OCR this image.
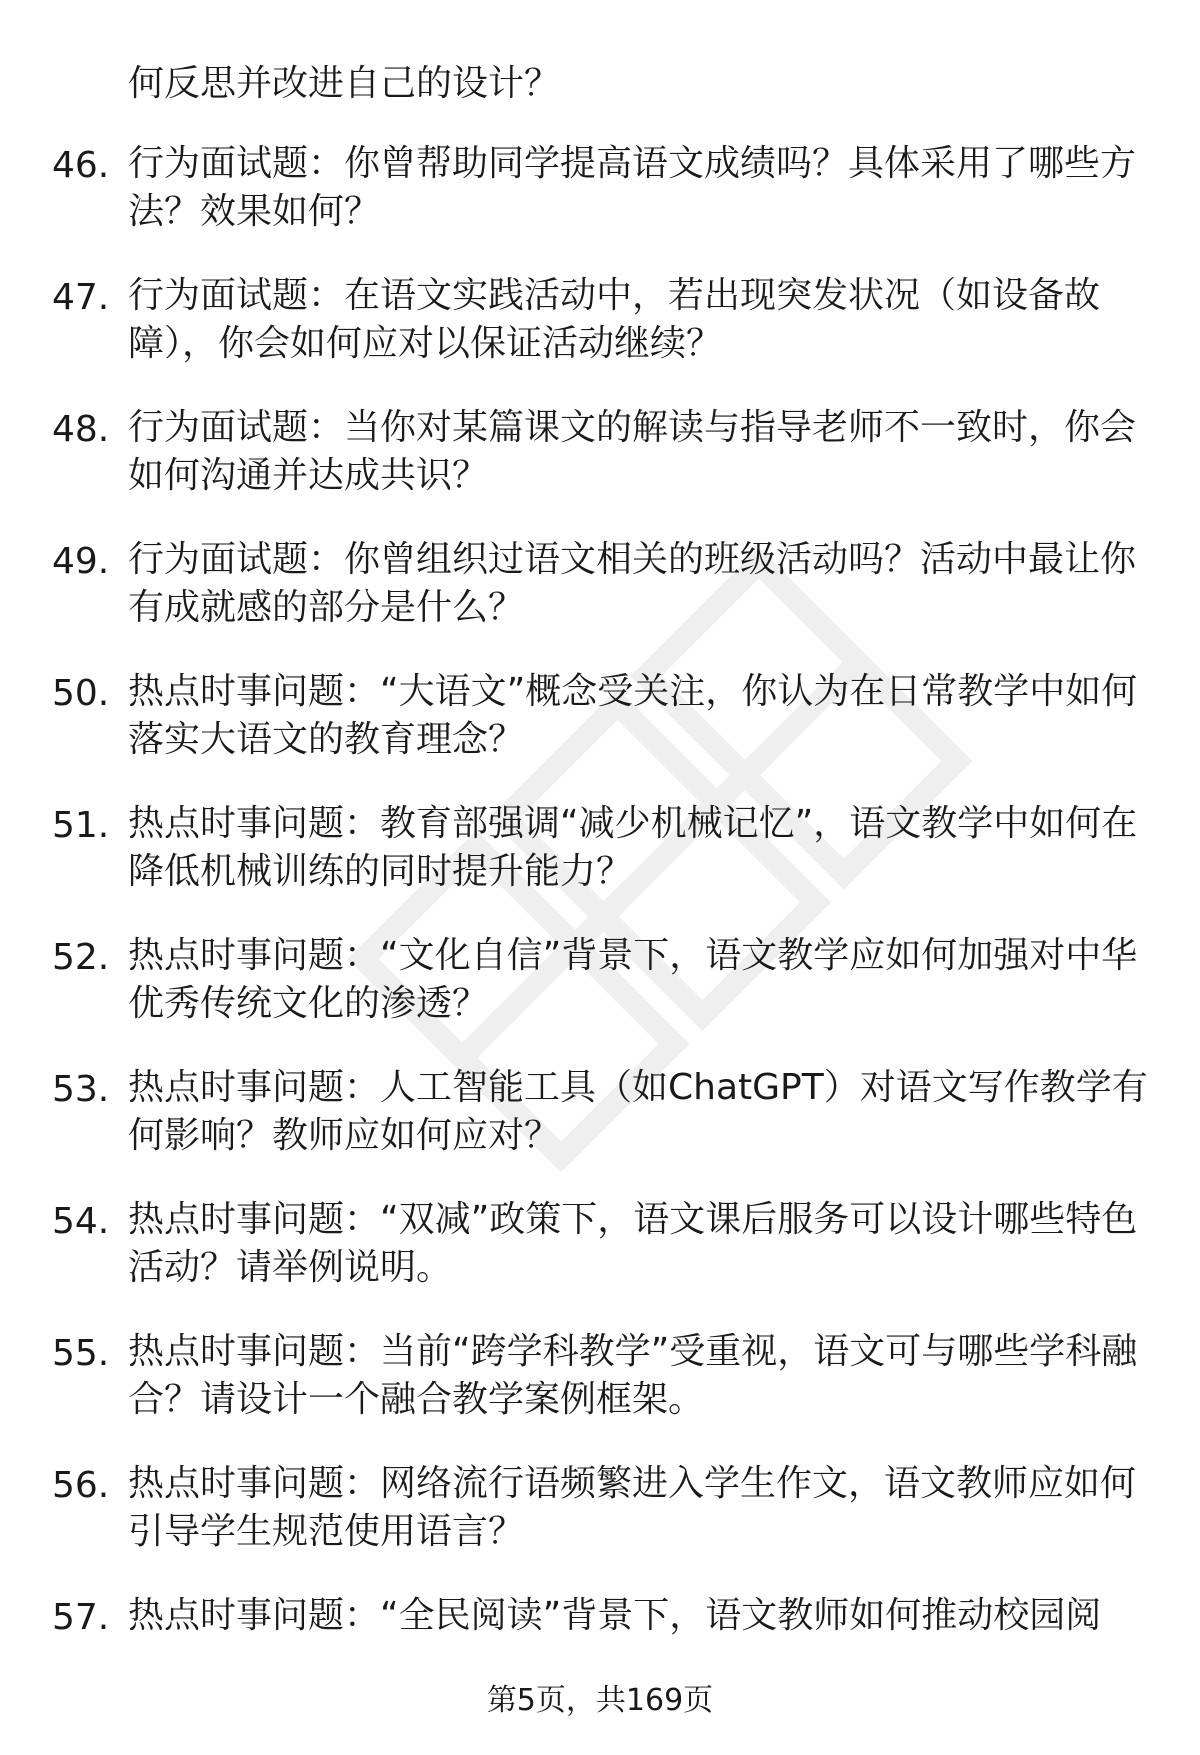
何反思并改进自己的设计？
46. 行为面试题：你曾帮助同学提高语文成绩吗？具体采用了哪些方法？效果如何？
47. 行为面试题：在语文实践活动中，若出现突发状况（如设备故障），你会如何应对以保证活动继续？
48. 行为面试题：当你对某篇课文的解读与指导老师不一致时，你会如何沟通并达成共识？
49. 行为面试题：你曾组织过语文相关的班级活动吗？活动中最让你有成就感的部分是什么？
50. 热点时事问题：“大语文”概念受关注，你认为在日常教学中如何落实大语文的教育理念？
51. 热点时事问题：教育部强调“减少机械记忆”，语文教学中如何在降低机械训练的同时提升能力？
52. 热点时事问题：“文化自信”背景下，语文教学应如何加强对中华优秀传统文化的渗透？
53. 热点时事问题：人工智能工具（如ChatGPT）对语文写作教学有何影响？教师应如何应对？
54. 热点时事问题：“双减”政策下，语文课后服务可以设计哪些特色活动？请举例说明。
55. 热点时事问题：当前“跨学科教学”受重视，语文可与哪些学科融合？请设计一个融合教学案例框架。
56. 热点时事问题：网络流行语频繁进入学生作文，语文教师应如何引导学生规范使用语言？
57. 热点时事问题：“全民阅读”背景下，语文教师如何推动校园阅
第5页，共169页
